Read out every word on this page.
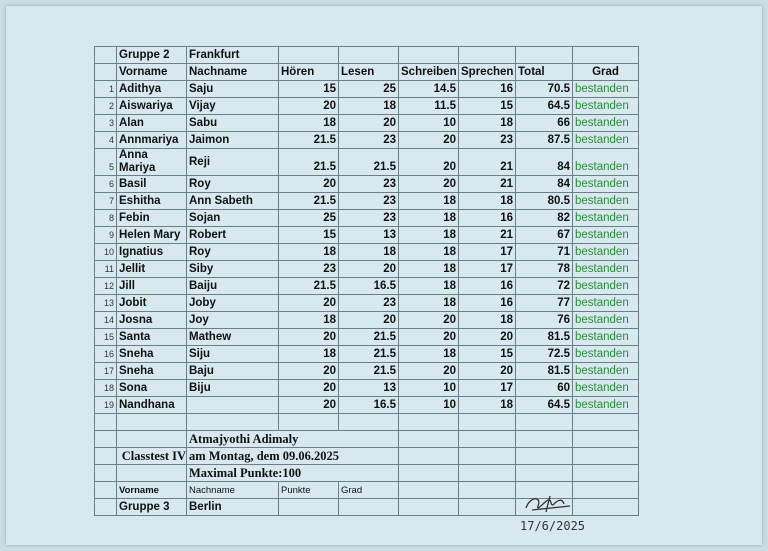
	Gruppe 2	Frankfurt						
	Vorname	Nachname	Hören	Lesen	Schreiben	Sprechen	Total	Grad
1	Adithya	Saju	15	25	14.5	16	70.5	bestanden
2	Aiswariya	Vijay	20	18	11.5	15	64.5	bestanden
3	Alan	Sabu	18	20	10	18	66	bestanden
4	Annmariya	Jaimon	21.5	23	20	23	87.5	bestanden
5	Anna Mariya	Reji	21.5	21.5	20	21	84	bestanden
6	Basil	Roy	20	23	20	21	84	bestanden
7	Eshitha	Ann Sabeth	21.5	23	18	18	80.5	bestanden
8	Febin	Sojan	25	23	18	16	82	bestanden
9	Helen Mary	Robert	15	13	18	21	67	bestanden
10	Ignatius	Roy	18	18	18	17	71	bestanden
11	Jellit	Siby	23	20	18	17	78	bestanden
12	Jill	Baiju	21.5	16.5	18	16	72	bestanden
13	Jobit	Joby	20	23	18	16	77	bestanden
14	Josna	Joy	18	20	20	18	76	bestanden
15	Santa	Mathew	20	21.5	20	20	81.5	bestanden
16	Sneha	Siju	18	21.5	18	15	72.5	bestanden
17	Sneha	Baju	20	21.5	20	20	81.5	bestanden
18	Sona	Biju	20	13	10	17	60	bestanden
19	Nandhana		20	16.5	10	18	64.5	bestanden

		Atmajyothi Adimaly						
	Classtest IV	am Montag, dem 09.06.2025						
		Maximal Punkte:100						
	Vorname	Nachname	Punkte	Grad				
	Gruppe 3	Berlin						
17/6/2025
